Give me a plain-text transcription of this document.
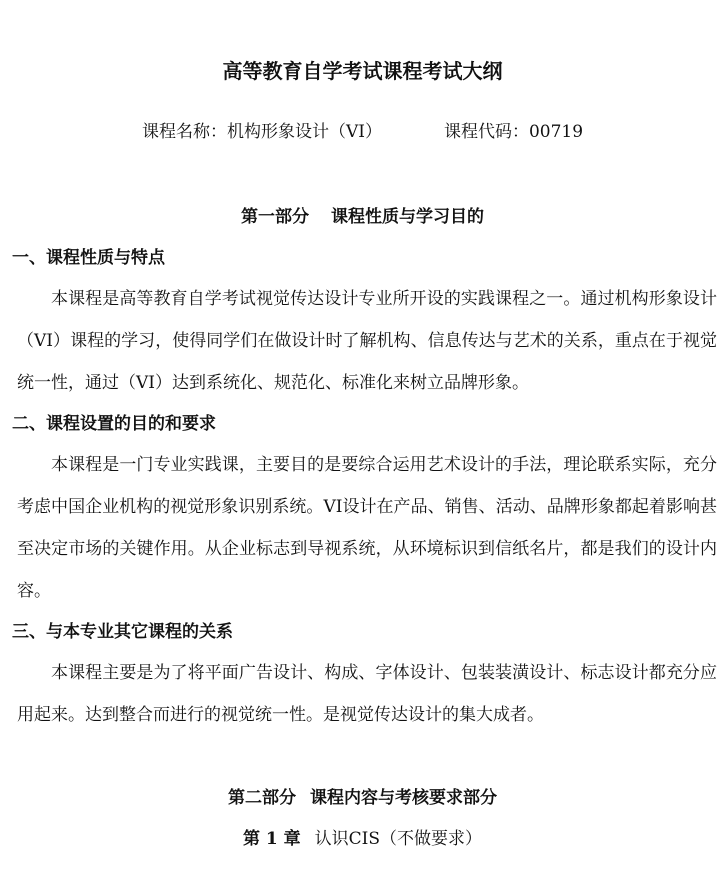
高等教育自学考试课程考试大纲
课程名称：机构形象设计（VI）	课程代码：00719
第一部分 课程性质与学习目的
一、课程性质与特点

本课程是高等教育自学考试视觉传达设计专业所开设的实践课程之一。通过机构形象设计（VI）课程的学习，使得同学们在做设计时了解机构、信息传达与艺术的关系，重点在于视觉统一性，通过（VI）达到系统化、规范化、标准化来树立品牌形象。

二、课程设置的目的和要求

本课程是一门专业实践课，主要目的是要综合运用艺术设计的手法，理论联系实际，充分考虑中国企业机构的视觉形象识别系统。VI设计在产品、销售、活动、品牌形象都起着影响甚至决定市场的关键作用。从企业标志到导视系统，从环境标识到信纸名片，都是我们的设计内容。

三、与本专业其它课程的关系

本课程主要是为了将平面广告设计、构成、字体设计、包装装潢设计、标志设计都充分应用起来。达到整合而进行的视觉统一性。是视觉传达设计的集大成者。

第二部分 课程内容与考核要求部分
第 1 章 认识CIS（不做要求）
